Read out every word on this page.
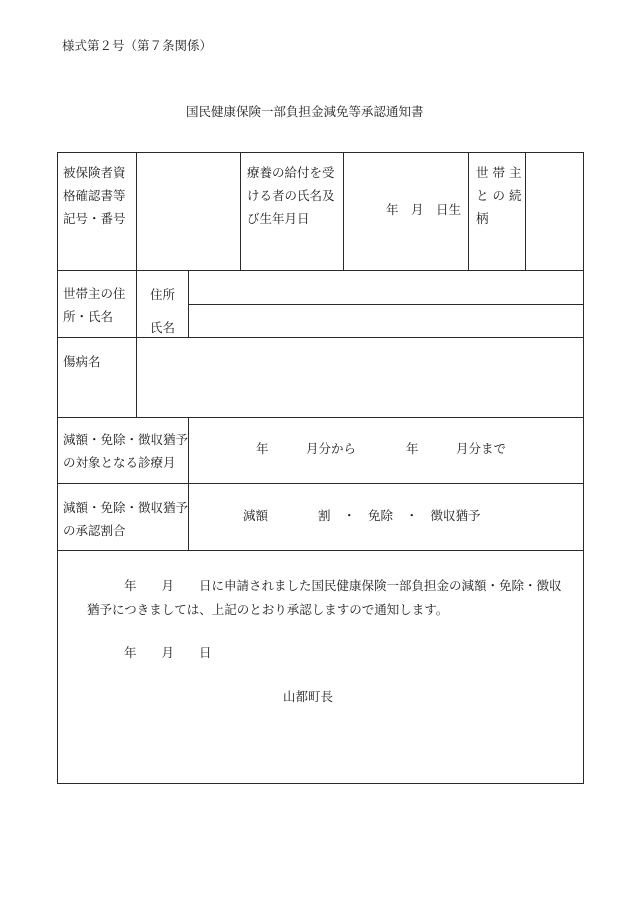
様式第２号（第７条関係）
国民健康保険一部負担金減免等承認通知書
被保険者資
格確認書等
記号・番号
療養の給付を受
ける者の氏名及
び生年月日
年　月　日生
世 帯 主
と の 続
柄
世帯主の住
所・氏名
住所
氏名
傷病名
減額・免除・徴収猶予
の対象となる診療月
年　　　月分から　　　　年　　　月分まで
減額・免除・徴収猶予
の承認割合
減額　　　　割　・　免除　・　徴収猶予
年　　月　　日に申請されました国民健康保険一部負担金の減額・免除・徴収
猶予につきましては、上記のとおり承認しますので通知します。
年　　月　　日
山都町長
